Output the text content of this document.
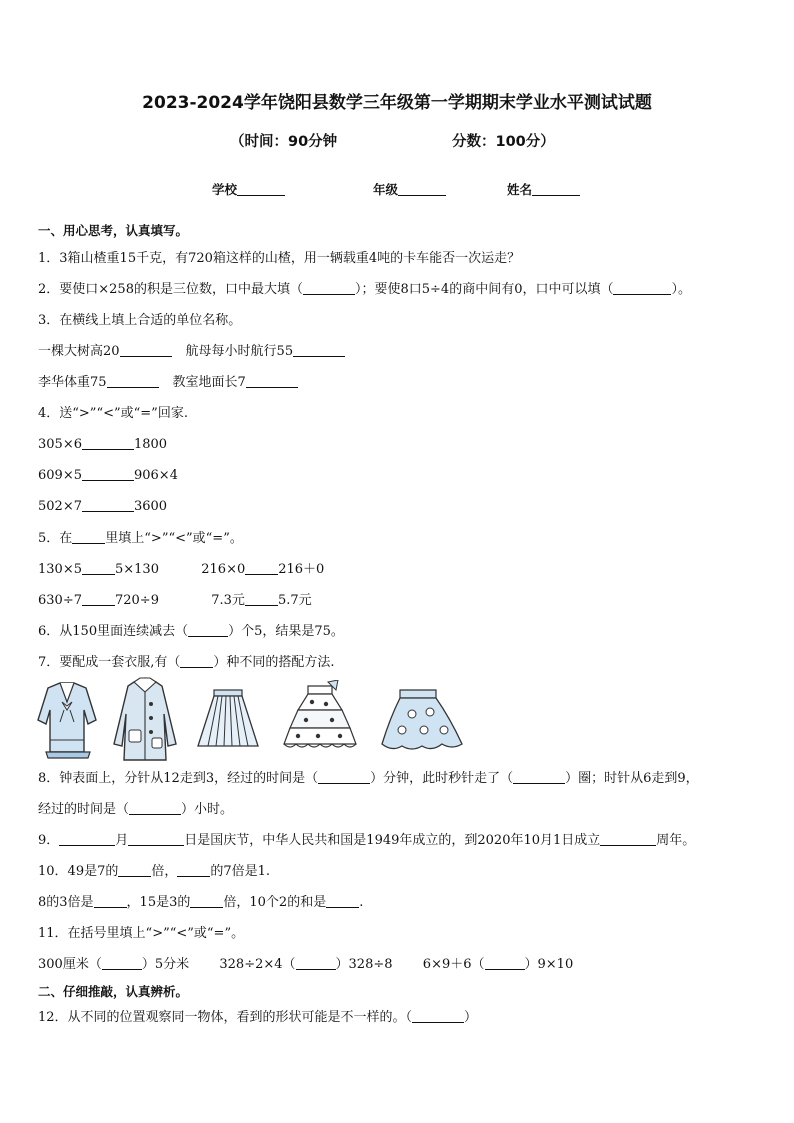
2023-2024学年饶阳县数学三年级第一学期期末学业水平测试试题
（时间：90分钟	分数：100分）
学校	年级	姓名
一、用心思考，认真填写。
1．3箱山楂重15千克，有720箱这样的山楂，用一辆载重4吨的卡车能否一次运走？
2．要使口×258的积是三位数，口中最大填（	）；要使8口5÷4的商中间有0，口中可以填（	）。
3．在横线上填上合适的单位名称。
一棵大树高20	航母每小时航行55
李华体重75	教室地面长7
4．送“>”“<”或“=”回家.
305×6	1800
609×5	906×4
502×7	3600
5．在	里填上“>”“<”或“=”。
130×5	5×130	216×0	216＋0
630÷7	720÷9	7.3元	5.7元
6．从150里面连续减去（	）个5，结果是75。
7．要配成一套衣服,有（	）种不同的搭配方法.
8．钟表面上，分针从12走到3，经过的时间是（	）分钟，此时秒针走了（	）圈；时针从6走到9，
经过的时间是（	）小时。
9．	月	日是国庆节，中华人民共和国是1949年成立的，到2020年10月1日成立	周年。
10．49是7的	倍，	的7倍是1.
8的3倍是	，15是3的	倍，10个2的和是	.
11．在括号里填上“>”“<”或“=”。
300厘米（	）5分米 328÷2×4（	）328÷8 6×9＋6（	）9×10
二、仔细推敲，认真辨析。
12．从不同的位置观察同一物体，看到的形状可能是不一样的。（	）
